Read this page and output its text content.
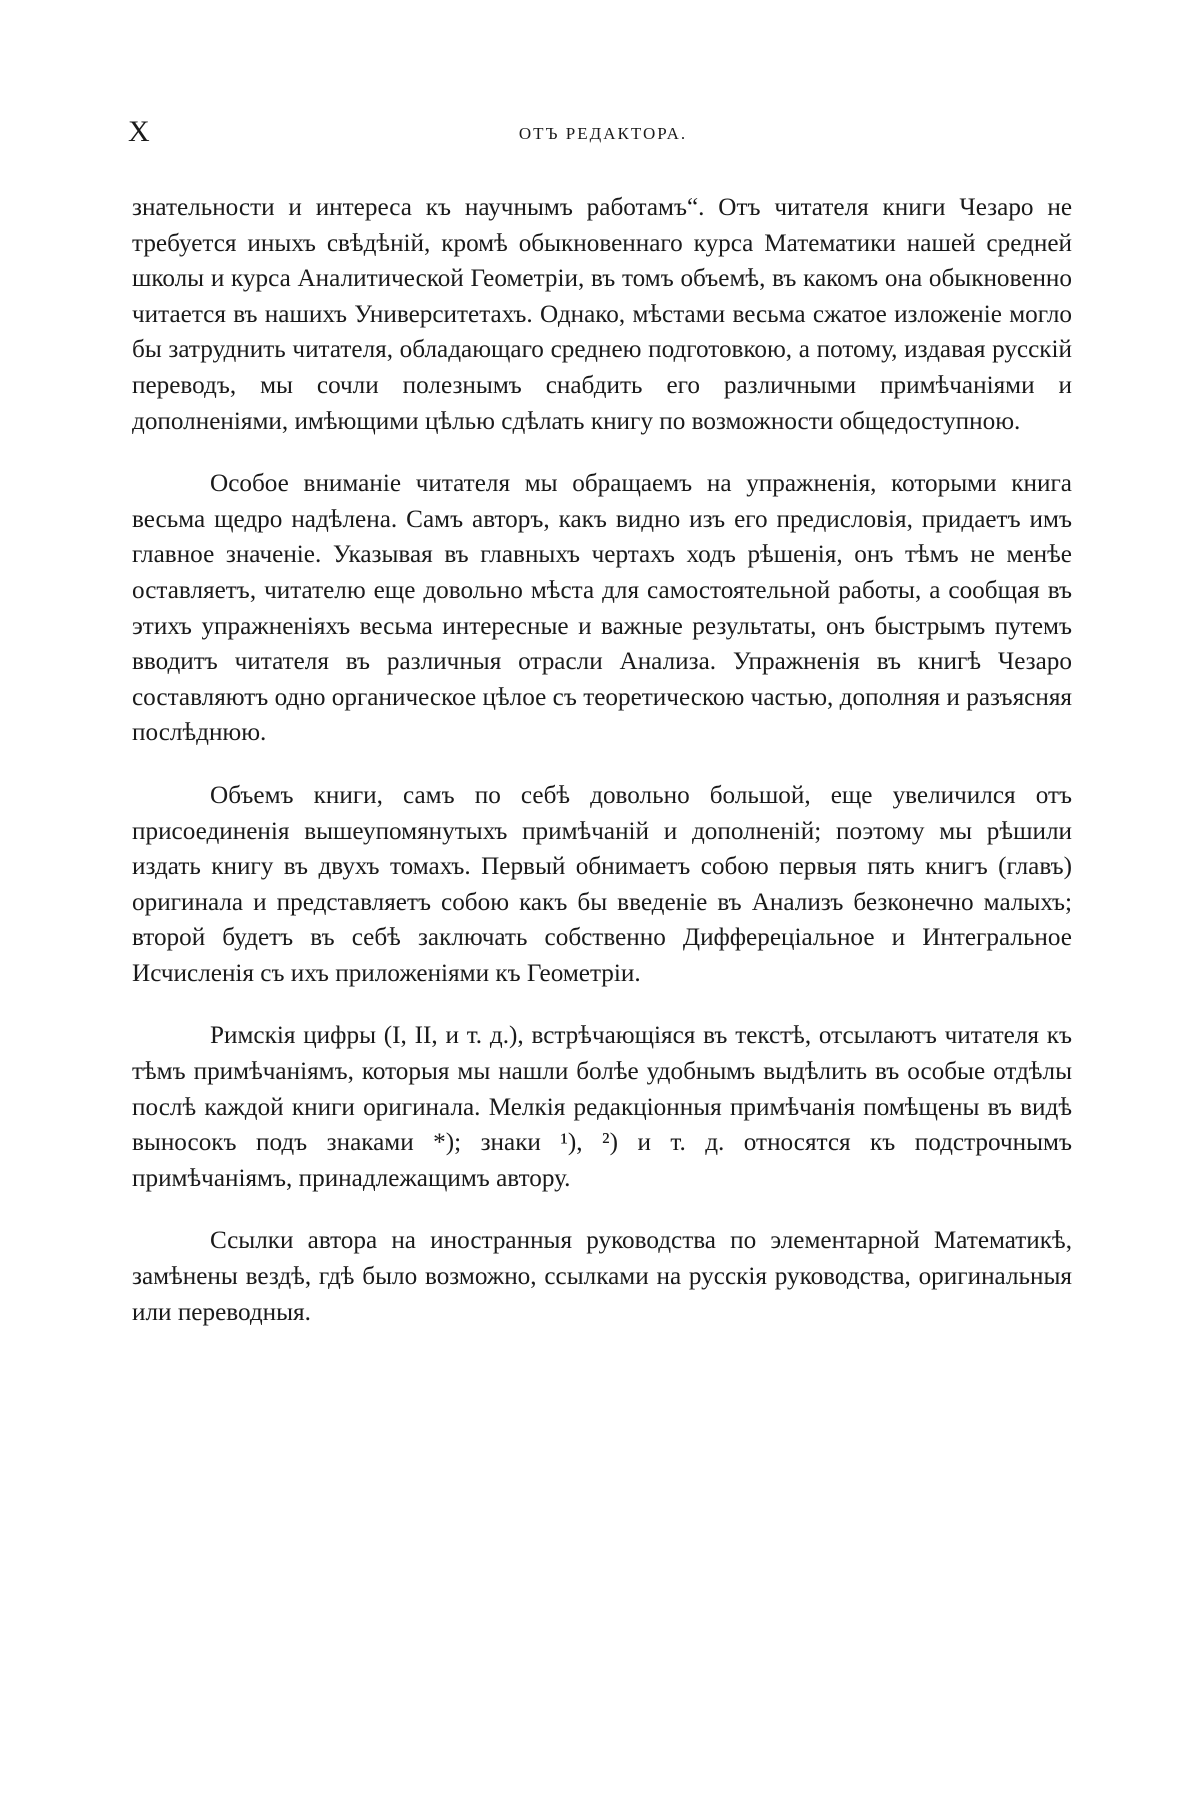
X	ОТЪ РЕДАКТОРА.

знательности и интереса къ научнымъ работамъ“. Отъ читателя книги Чезаро не требуется иныхъ свѣдѣній, кромѣ обыкновеннаго курса Математики нашей средней школы и курса Аналитической Геометріи, въ томъ объемѣ, въ какомъ она обыкновенно читается въ нашихъ Университетахъ. Однако, мѣстами весьма сжатое изложеніе могло бы затруднить читателя, обладающаго среднею подготовкою, а потому, издавая русскій переводъ, мы сочли полезнымъ снабдить его различными примѣчаніями и дополненіями, имѣющими цѣлью сдѣлать книгу по возможности общедоступною.

Особое вниманіе читателя мы обращаемъ на упражненія, которыми книга весьма щедро надѣлена. Самъ авторъ, какъ видно изъ его предисловія, придаетъ имъ главное значеніе. Указывая въ главныхъ чертахъ ходъ рѣшенія, онъ тѣмъ не менѣе оставляетъ, читателю еще довольно мѣста для самостоятельной работы, а сообщая въ этихъ упражненіяхъ весьма интересные и важные результаты, онъ быстрымъ путемъ вводитъ читателя въ различныя отрасли Анализа. Упражненія въ книгѣ Чезаро составляютъ одно органическое цѣлое съ теоретическою частью, дополняя и разъясняя послѣднюю.

Объемъ книги, самъ по себѣ довольно большой, еще увеличился отъ присоединенія вышеупомянутыхъ примѣчаній и дополненій; поэтому мы рѣшили издать книгу въ двухъ томахъ. Первый обнимаетъ собою первыя пять книгъ (главъ) оригинала и представляетъ собою какъ бы введеніе въ Анализъ безконечно малыхъ; второй будетъ въ себѣ заключать собственно Диффереціальное и Интегральное Исчисленія съ ихъ приложеніями къ Геометріи.

Римскія цифры (I, II, и т. д.), встрѣчающіяся въ текстѣ, отсылаютъ читателя къ тѣмъ примѣчаніямъ, которыя мы нашли болѣе удобнымъ выдѣлить въ особые отдѣлы послѣ каждой книги оригинала. Мелкія редакціонныя примѣчанія помѣщены въ видѣ выносокъ подъ знаками *); знаки ¹), ²) и т. д. относятся къ подстрочнымъ примѣчаніямъ, принадлежащимъ автору.

Ссылки автора на иностранныя руководства по элементарной Математикѣ, замѣнены вездѣ, гдѣ было возможно, ссылками на русскія руководства, оригинальныя или переводныя.
